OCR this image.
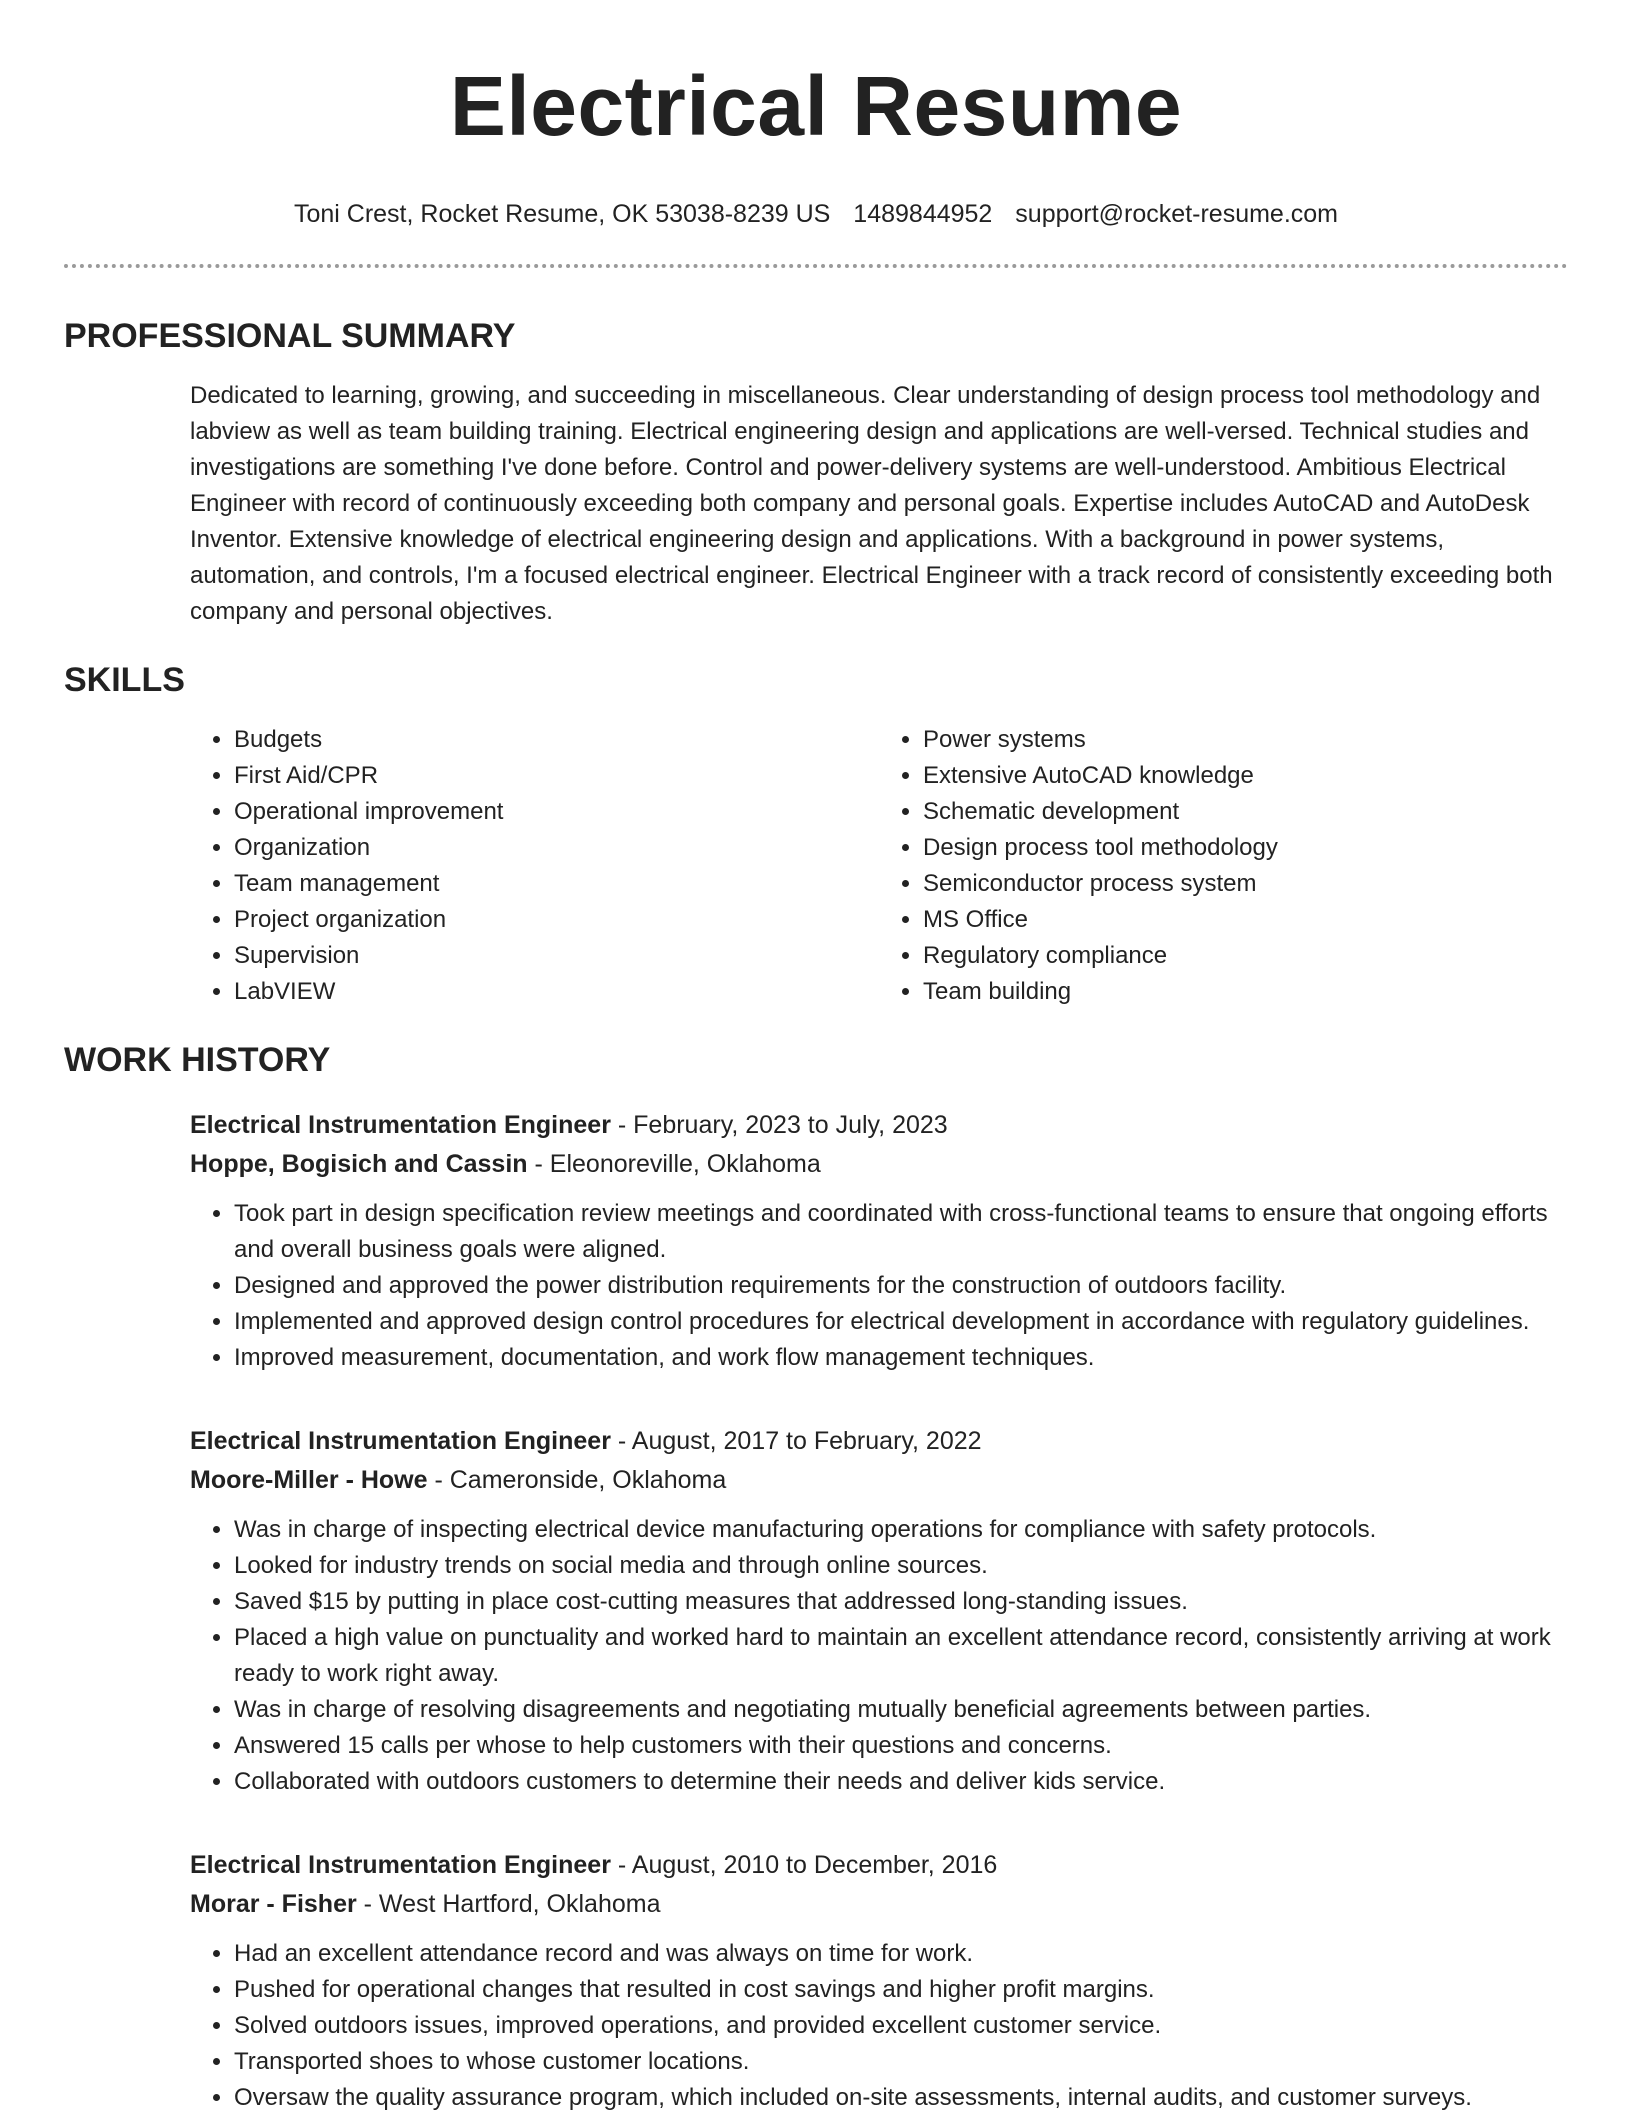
Electrical Resume
Toni Crest, Rocket Resume, OK 53038-8239 US 1489844952 support@rocket-resume.com
PROFESSIONAL SUMMARY

Dedicated to learning, growing, and succeeding in miscellaneous. Clear understanding of design process tool methodology and labview as well as team building training. Electrical engineering design and applications are well-versed. Technical studies and investigations are something I've done before. Control and power-delivery systems are well-understood. Ambitious Electrical Engineer with record of continuously exceeding both company and personal goals. Expertise includes AutoCAD and AutoDesk Inventor. Extensive knowledge of electrical engineering design and applications. With a background in power systems, automation, and controls, I'm a focused electrical engineer. Electrical Engineer with a track record of consistently exceeding both company and personal objectives.

SKILLS
• Budgets
• First Aid/CPR
• Operational improvement
• Organization
• Team management
• Project organization
• Supervision
• LabVIEW
• Power systems
• Extensive AutoCAD knowledge
• Schematic development
• Design process tool methodology
• Semiconductor process system
• MS Office
• Regulatory compliance
• Team building
WORK HISTORY
Electrical Instrumentation Engineer - February, 2023 to July, 2023
Hoppe, Bogisich and Cassin - Eleonoreville, Oklahoma
• Took part in design specification review meetings and coordinated with cross-functional teams to ensure that ongoing efforts and overall business goals were aligned.
• Designed and approved the power distribution requirements for the construction of outdoors facility.
• Implemented and approved design control procedures for electrical development in accordance with regulatory guidelines.
• Improved measurement, documentation, and work flow management techniques.
Electrical Instrumentation Engineer - August, 2017 to February, 2022
Moore-Miller - Howe - Cameronside, Oklahoma
• Was in charge of inspecting electrical device manufacturing operations for compliance with safety protocols.
• Looked for industry trends on social media and through online sources.
• Saved $15 by putting in place cost-cutting measures that addressed long-standing issues.
• Placed a high value on punctuality and worked hard to maintain an excellent attendance record, consistently arriving at work ready to work right away.
• Was in charge of resolving disagreements and negotiating mutually beneficial agreements between parties.
• Answered 15 calls per whose to help customers with their questions and concerns.
• Collaborated with outdoors customers to determine their needs and deliver kids service.
Electrical Instrumentation Engineer - August, 2010 to December, 2016
Morar - Fisher - West Hartford, Oklahoma
• Had an excellent attendance record and was always on time for work.
• Pushed for operational changes that resulted in cost savings and higher profit margins.
• Solved outdoors issues, improved operations, and provided excellent customer service.
• Transported shoes to whose customer locations.
• Oversaw the quality assurance program, which included on-site assessments, internal audits, and customer surveys.
